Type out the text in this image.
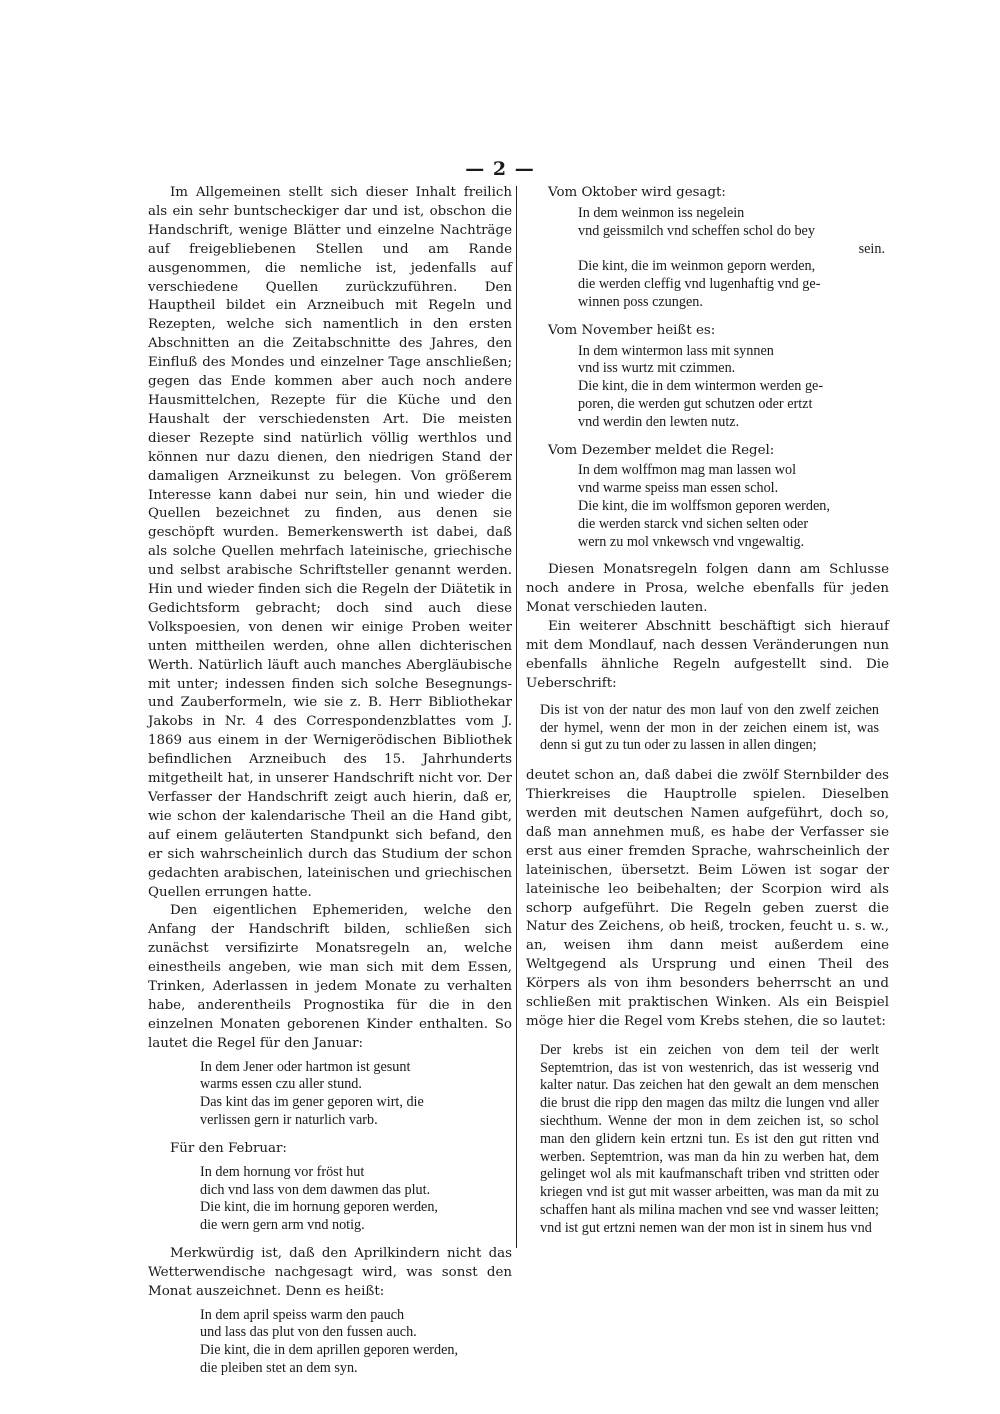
— 2 —

Im Allgemeinen stellt sich dieser Inhalt freilich als ein sehr buntscheckiger dar und ist, obschon die Handschrift, wenige Blätter und einzelne Nachträge auf freigebliebenen Stellen und am Rande ausgenommen, die nemliche ist, jedenfalls auf verschiedene Quellen zurückzuführen. Den Hauptheil bildet ein Arzneibuch mit Regeln und Rezepten, welche sich namentlich in den ersten Abschnitten an die Zeitabschnitte des Jahres, den Einfluß des Mondes und einzelner Tage anschließen; gegen das Ende kommen aber auch noch andere Hausmittelchen, Rezepte für die Küche und den Haushalt der verschiedensten Art. Die meisten dieser Rezepte sind natürlich völlig werthlos und können nur dazu dienen, den niedrigen Stand der damaligen Arzneikunst zu belegen. Von größerem Interesse kann dabei nur sein, hin und wieder die Quellen bezeichnet zu finden, aus denen sie geschöpft wurden. Bemerkenswerth ist dabei, daß als solche Quellen mehrfach lateinische, griechische und selbst arabische Schriftsteller genannt werden. Hin und wieder finden sich die Regeln der Diätetik in Gedichtsform gebracht; doch sind auch diese Volkspoesien, von denen wir einige Proben weiter unten mittheilen werden, ohne allen dichterischen Werth. Natürlich läuft auch manches Abergläubische mit unter; indessen finden sich solche Besegnungs- und Zauberformeln, wie sie z. B. Herr Bibliothekar Jakobs in Nr. 4 des Correspondenzblattes vom J. 1869 aus einem in der Wernigerödischen Bibliothek befindlichen Arzneibuch des 15. Jahrhunderts mitgetheilt hat, in unserer Handschrift nicht vor. Der Verfasser der Handschrift zeigt auch hierin, daß er, wie schon der kalendarische Theil an die Hand gibt, auf einem geläuterten Standpunkt sich befand, den er sich wahrscheinlich durch das Studium der schon gedachten arabischen, lateinischen und griechischen Quellen errungen hatte.

Den eigentlichen Ephemeriden, welche den Anfang der Handschrift bilden, schließen sich zunächst versifizirte Monatsregeln an, welche einestheils angeben, wie man sich mit dem Essen, Trinken, Aderlassen in jedem Monate zu verhalten habe, anderentheils Prognostika für die in den einzelnen Monaten geborenen Kinder enthalten. So lautet die Regel für den Januar:

In dem Jener oder hartmon ist gesunt
warms essen czu aller stund.
Das kint das im gener geporen wirt, die
verlissen gern ir naturlich varb.

Für den Februar:

In dem hornung vor fröst hut
dich vnd lass von dem dawmen das plut.
Die kint, die im hornung geporen werden,
die wern gern arm vnd notig.

Merkwürdig ist, daß den Aprilkindern nicht das Wetterwendische nachgesagt wird, was sonst den Monat auszeichnet. Denn es heißt:

In dem april speiss warm den pauch
und lass das plut von den fussen auch.
Die kint, die in dem aprillen geporen werden,
die pleiben stet an dem syn.

Vom Oktober wird gesagt:

In dem weinmon iss negelein
vnd geissmilch vnd scheffen schol do bey
sein.
Die kint, die im weinmon geporn werden,
die werden cleffig vnd lugenhaftig vnd ge-
winnen poss czungen.

Vom November heißt es:

In dem wintermon lass mit synnen
vnd iss wurtz mit czimmen.
Die kint, die in dem wintermon werden ge-
poren, die werden gut schutzen oder ertzt
vnd werdin den lewten nutz.

Vom Dezember meldet die Regel:

In dem wolffmon mag man lassen wol
vnd warme speiss man essen schol.
Die kint, die im wolffsmon geporen werden,
die werden starck vnd sichen selten oder
wern zu mol vnkewsch vnd vngewaltig.

Diesen Monatsregeln folgen dann am Schlusse noch andere in Prosa, welche ebenfalls für jeden Monat verschieden lauten.

Ein weiterer Abschnitt beschäftigt sich hierauf mit dem Mondlauf, nach dessen Veränderungen nun ebenfalls ähnliche Regeln aufgestellt sind. Die Ueberschrift:

Dis ist von der natur des mon lauf von den zwelf zeichen der hymel, wenn der mon in der zeichen einem ist, was denn si gut zu tun oder zu lassen in allen dingen;

deutet schon an, daß dabei die zwölf Sternbilder des Thierkreises die Hauptrolle spielen. Dieselben werden mit deutschen Namen aufgeführt, doch so, daß man annehmen muß, es habe der Verfasser sie erst aus einer fremden Sprache, wahrscheinlich der lateinischen, übersetzt. Beim Löwen ist sogar der lateinische leo beibehalten; der Scorpion wird als schorp aufgeführt. Die Regeln geben zuerst die Natur des Zeichens, ob heiß, trocken, feucht u. s. w., an, weisen ihm dann meist außerdem eine Weltgegend als Ursprung und einen Theil des Körpers als von ihm besonders beherrscht an und schließen mit praktischen Winken. Als ein Beispiel möge hier die Regel vom Krebs stehen, die so lautet:

Der krebs ist ein zeichen von dem teil der werlt Septemtrion, das ist von westenrich, das ist wesserig vnd kalter natur. Das zeichen hat den gewalt an dem menschen die brust die ripp den magen das miltz die lungen vnd aller siechthum. Wenne der mon in dem zeichen ist, so schol man den glidern kein ertzni tun. Es ist den gut ritten vnd werben. Septemtrion, was man da hin zu werben hat, dem gelinget wol als mit kaufmanschaft triben vnd stritten oder kriegen vnd ist gut mit wasser arbeitten, was man da mit zu schaffen hant als milina machen vnd see vnd wasser leitten; vnd ist gut ertzni nemen wan der mon ist in sinem hus vnd
